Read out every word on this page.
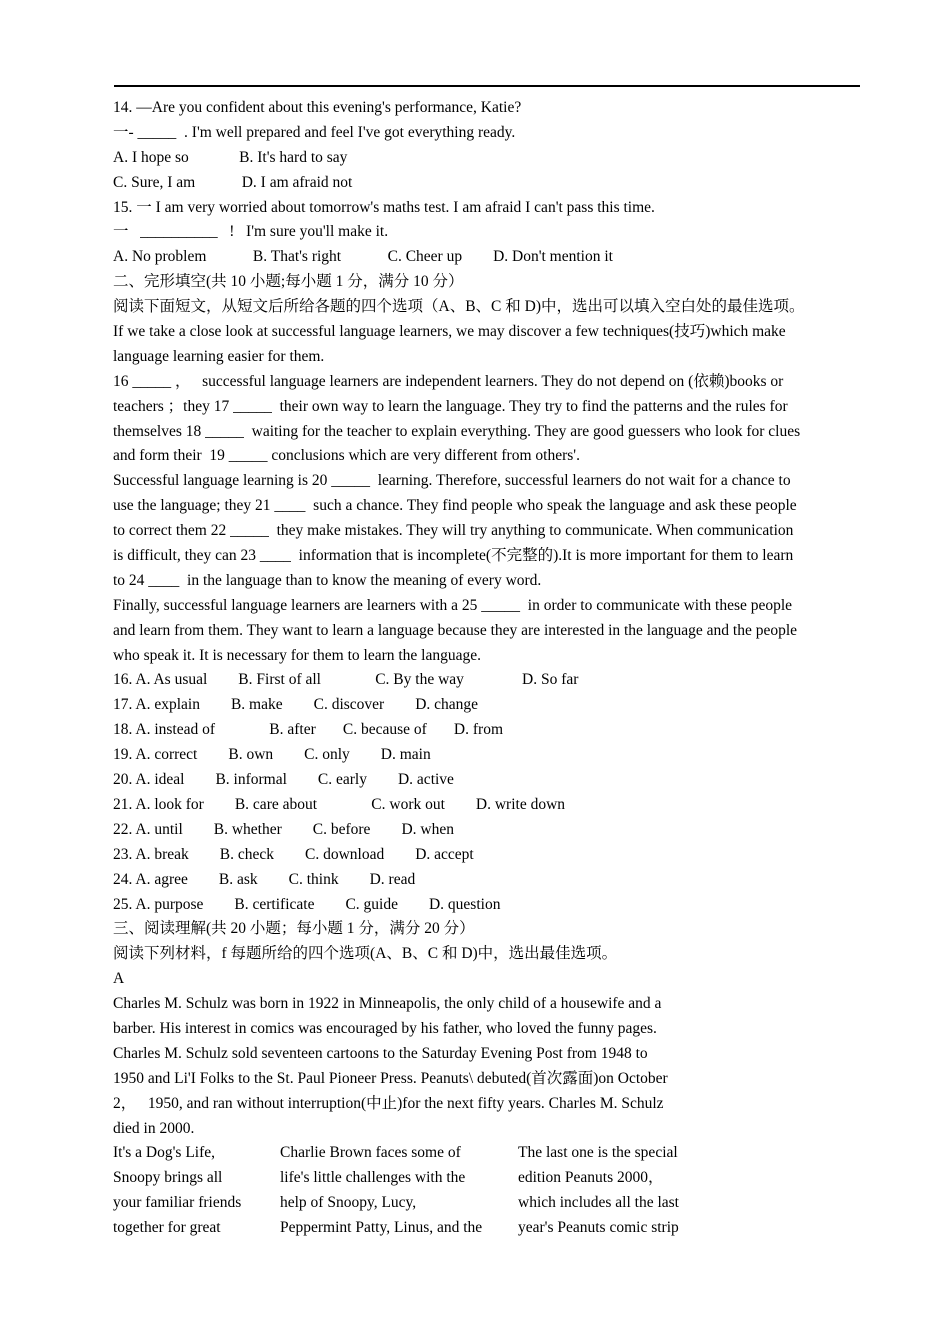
14. —Are you confident about this evening's performance, Katie?
一- _____  . I'm well prepared and feel I've got everything ready.
A. I hope so             B. It's hard to say
C. Sure, I am            D. I am afraid not
15. 一 I am very worried about tomorrow's maths test. I am afraid I can't pass this time.
一   __________   !   I'm sure you'll make it.
A. No problem            B. That's right            C. Cheer up        D. Don't mention it
二、完形填空(共 10 小题;每小题 1 分，满分 10 分）
阅读下面短文，从短文后所给各题的四个选项（A、B、C 和 D)中，选出可以填入空白处的最佳选项。
If we take a close look at successful language learners, we may discover a few techniques(技巧)which make
language learning easier for them.
16 _____ ，   successful language learners are independent learners. They do not depend on (依赖)books or
teachers ；they 17 _____  their own way to learn the language. They try to find the patterns and the rules for
themselves 18 _____  waiting for the teacher to explain everything. They are good guessers who look for clues
and form their  19 _____ conclusions which are very different from others'.
Successful language learning is 20 _____  learning. Therefore, successful learners do not wait for a chance to
use the language; they 21 ____  such a chance. They find people who speak the language and ask these people
to correct them 22 _____  they make mistakes. They will try anything to communicate. When communication
is difficult, they can 23 ____  information that is incomplete(不完整的).It is more important for them to learn
to 24 ____  in the language than to know the meaning of every word.
Finally, successful language learners are learners with a 25 _____  in order to communicate with these people
and learn from them. They want to learn a language because they are interested in the language and the people
who speak it. It is necessary for them to learn the language.
16. A. As usual        B. First of all              C. By the way               D. So far
17. A. explain        B. make        C. discover        D. change
18. A. instead of              B. after       C. because of       D. from
19. A. correct        B. own        C. only        D. main
20. A. ideal        B. informal        C. early        D. active
21. A. look for        B. care about              C. work out        D. write down
22. A. until        B. whether        C. before        D. when
23. A. break        B. check        C. download        D. accept
24. A. agree        B. ask        C. think        D. read
25. A. purpose        B. certificate        C. guide        D. question
三、阅读理解(共 20 小题；每小题 1 分，满分 20 分）
阅读下列材料，f 每题所给的四个选项(A、B、C 和 D)中，选出最佳选项。
A
Charles M. Schulz was born in 1922 in Minneapolis, the only child of a housewife and a
barber. His interest in comics was encouraged by his father, who loved the funny pages.
Charles M. Schulz sold seventeen cartoons to the Saturday Evening Post from 1948 to
1950 and Li'I Folks to the St. Paul Pioneer Press. Peanuts\ debuted(首次露面)on October
2，   1950, and ran without interruption(中止)for the next fifty years. Charles M. Schulz
died in 2000.
It's a Dog's Life,
Snoopy brings all
your familiar friends
together for great
Charlie Brown faces some of
life's little challenges with the
help of Snoopy, Lucy,
Peppermint Patty, Linus, and the
The last one is the special
edition Peanuts 2000，
which includes all the last
year's Peanuts comic strip
